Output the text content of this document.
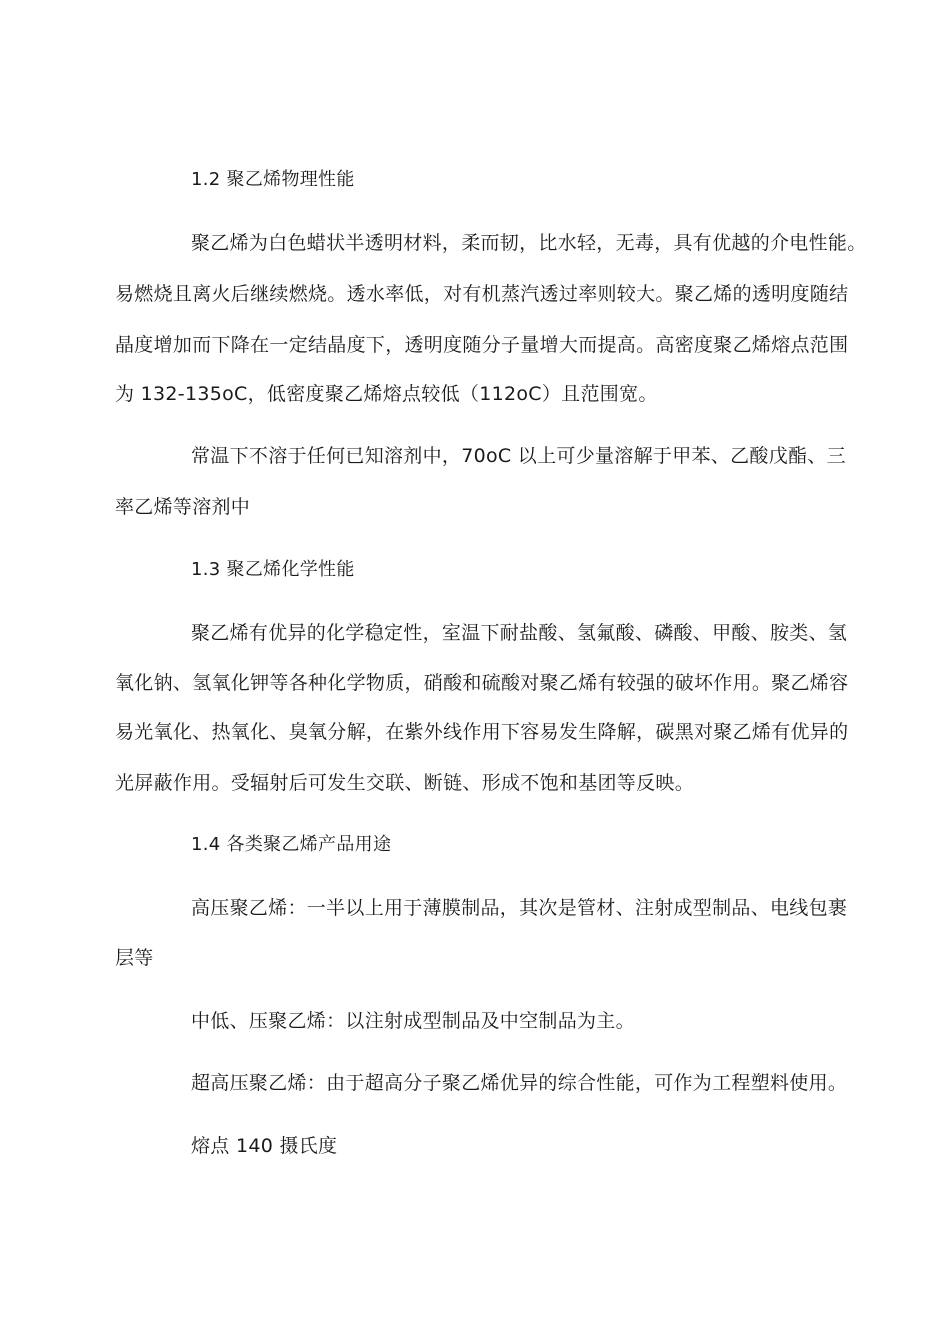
1.2 聚乙烯物理性能
聚乙烯为白色蜡状半透明材料，柔而韧，比水轻，无毒，具有优越的介电性能。
易燃烧且离火后继续燃烧。透水率低，对有机蒸汽透过率则较大。聚乙烯的透明度随结
晶度增加而下降在一定结晶度下，透明度随分子量增大而提高。高密度聚乙烯熔点范围
为 132-135oC，低密度聚乙烯熔点较低（112oC）且范围宽。
常温下不溶于任何已知溶剂中，70oC 以上可少量溶解于甲苯、乙酸戊酯、三
率乙烯等溶剂中
1.3 聚乙烯化学性能
聚乙烯有优异的化学稳定性，室温下耐盐酸、氢氟酸、磷酸、甲酸、胺类、氢
氧化钠、氢氧化钾等各种化学物质，硝酸和硫酸对聚乙烯有较强的破坏作用。聚乙烯容
易光氧化、热氧化、臭氧分解，在紫外线作用下容易发生降解，碳黑对聚乙烯有优异的
光屏蔽作用。受辐射后可发生交联、断链、形成不饱和基团等反映。
1.4 各类聚乙烯产品用途
高压聚乙烯：一半以上用于薄膜制品，其次是管材、注射成型制品、电线包裹
层等
中低、压聚乙烯：以注射成型制品及中空制品为主。
超高压聚乙烯：由于超高分子聚乙烯优异的综合性能，可作为工程塑料使用。
熔点 140 摄氏度
